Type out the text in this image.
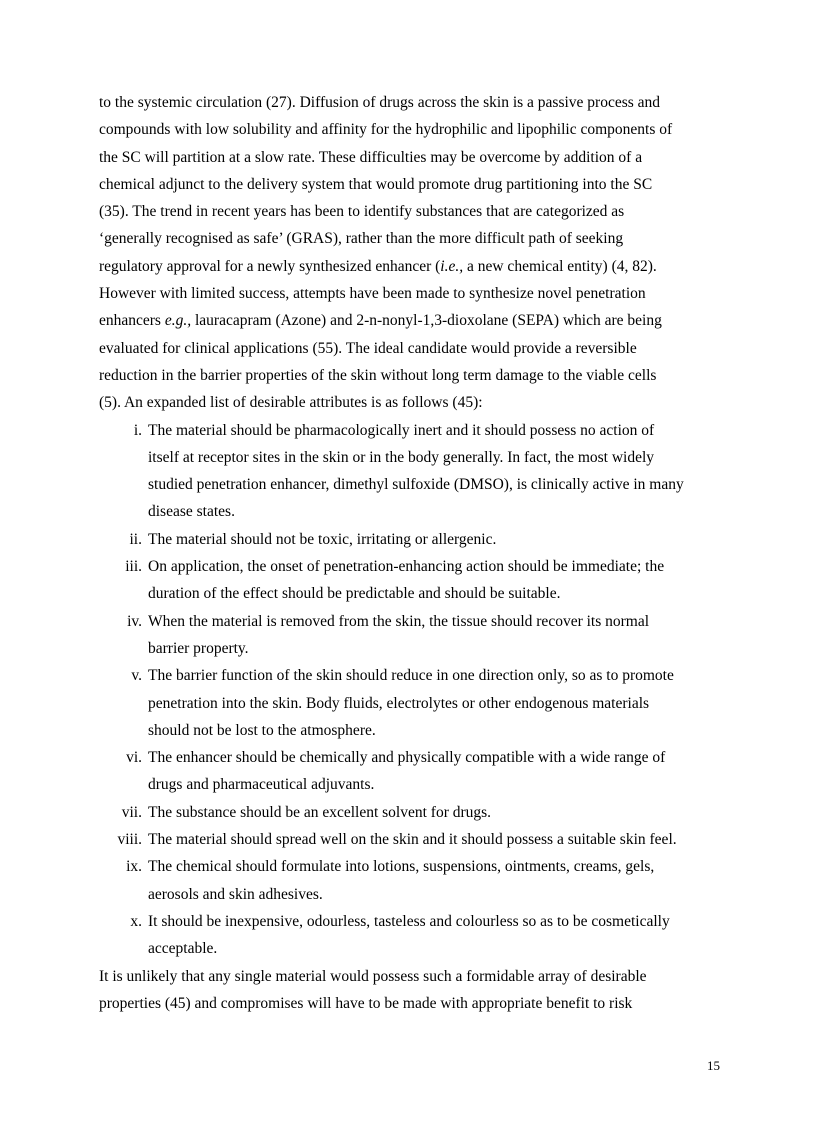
to the systemic circulation (27). Diffusion of drugs across the skin is a passive process and
compounds with low solubility and affinity for the hydrophilic and lipophilic components of
the SC will partition at a slow rate. These difficulties may be overcome by addition of a
chemical adjunct to the delivery system that would promote drug partitioning into the SC
(35). The trend in recent years has been to identify substances that are categorized as
‘generally recognised as safe’ (GRAS), rather than the more difficult path of seeking
regulatory approval for a newly synthesized enhancer (i.e., a new chemical entity) (4, 82).
However with limited success, attempts have been made to synthesize novel penetration
enhancers e.g., lauracapram (Azone) and 2-n-nonyl-1,3-dioxolane (SEPA) which are being
evaluated for clinical applications (55). The ideal candidate would provide a reversible
reduction in the barrier properties of the skin without long term damage to the viable cells
(5). An expanded list of desirable attributes is as follows (45):
i. The material should be pharmacologically inert and it should possess no action of
itself at receptor sites in the skin or in the body generally. In fact, the most widely
studied penetration enhancer, dimethyl sulfoxide (DMSO), is clinically active in many
disease states.
ii. The material should not be toxic, irritating or allergenic.
iii. On application, the onset of penetration-enhancing action should be immediate; the
duration of the effect should be predictable and should be suitable.
iv. When the material is removed from the skin, the tissue should recover its normal
barrier property.
v. The barrier function of the skin should reduce in one direction only, so as to promote
penetration into the skin. Body fluids, electrolytes or other endogenous materials
should not be lost to the atmosphere.
vi. The enhancer should be chemically and physically compatible with a wide range of
drugs and pharmaceutical adjuvants.
vii. The substance should be an excellent solvent for drugs.
viii. The material should spread well on the skin and it should possess a suitable skin feel.
ix. The chemical should formulate into lotions, suspensions, ointments, creams, gels,
aerosols and skin adhesives.
x. It should be inexpensive, odourless, tasteless and colourless so as to be cosmetically
acceptable.
It is unlikely that any single material would possess such a formidable array of desirable
properties (45) and compromises will have to be made with appropriate benefit to risk
15
